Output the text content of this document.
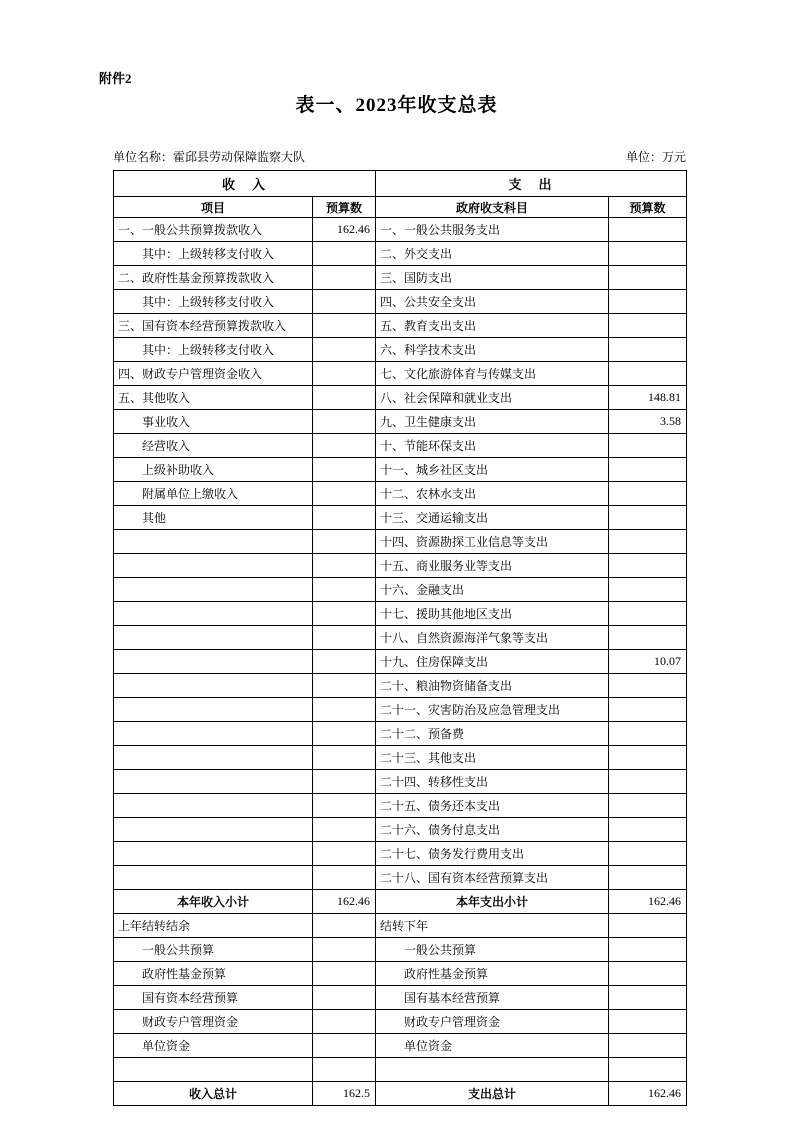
附件2
表一、2023年收支总表
单位名称：霍邱县劳动保障监察大队	单位：万元
收　入		支　出	
项目	预算数	政府收支科目	预算数
一、一般公共预算拨款收入	162.46	一、一般公共服务支出	
其中：上级转移支付收入		二、外交支出	
二、政府性基金预算拨款收入		三、国防支出	
其中：上级转移支付收入		四、公共安全支出	
三、国有资本经营预算拨款收入		五、教育支出支出	
其中：上级转移支付收入		六、科学技术支出	
四、财政专户管理资金收入		七、文化旅游体育与传媒支出	
五、其他收入		八、社会保障和就业支出	148.81
事业收入		九、卫生健康支出	3.58
经营收入		十、节能环保支出	
上级补助收入		十一、城乡社区支出	
附属单位上缴收入		十二、农林水支出	
其他		十三、交通运输支出	
		十四、资源勘探工业信息等支出	
		十五、商业服务业等支出	
		十六、金融支出	
		十七、援助其他地区支出	
		十八、自然资源海洋气象等支出	
		十九、住房保障支出	10.07
		二十、粮油物资储备支出	
		二十一、灾害防治及应急管理支出	
		二十二、预备费	
		二十三、其他支出	
		二十四、转移性支出	
		二十五、债务还本支出	
		二十六、债务付息支出	
		二十七、债务发行费用支出	
		二十八、国有资本经营预算支出	
本年收入小计	162.46	本年支出小计	162.46
上年结转结余		结转下年	
一般公共预算		一般公共预算	
政府性基金预算		政府性基金预算	
国有资本经营预算		国有基本经营预算	
财政专户管理资金		财政专户管理资金	
单位资金		单位资金	

收入总计	162.5	支出总计	162.46
